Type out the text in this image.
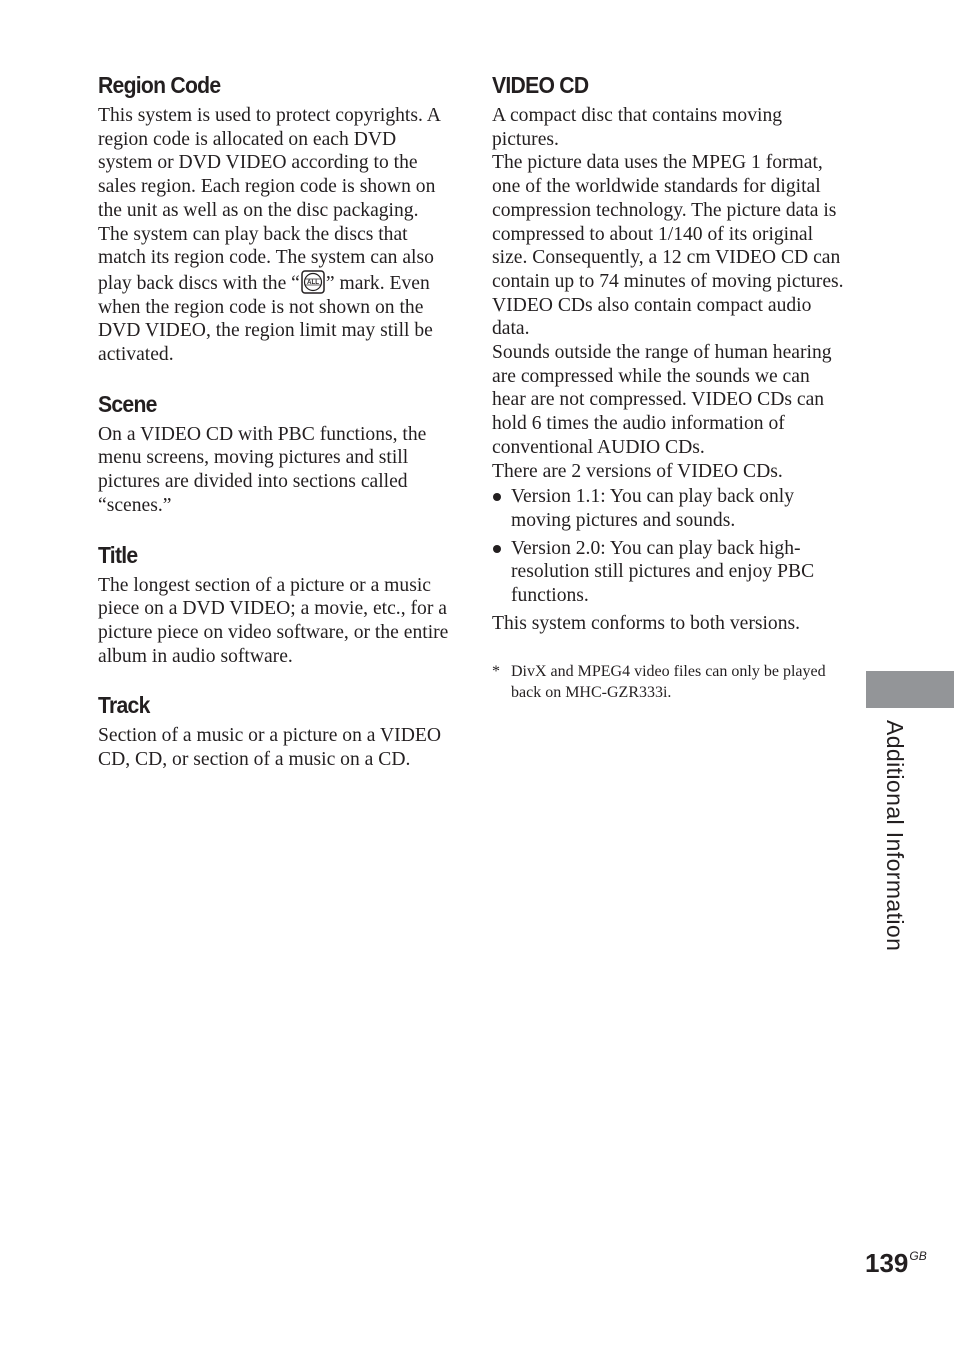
Region Code

This system is used to protect copyrights. A region code is allocated on each DVD system or DVD VIDEO according to the sales region. Each region code is shown on the unit as well as on the disc packaging. The system can play back the discs that match its region code. The system can also play back discs with the “ ALL ” mark. Even when the region code is not shown on the DVD VIDEO, the region limit may still be activated.

Scene

On a VIDEO CD with PBC functions, the menu screens, moving pictures and still pictures are divided into sections called “scenes.”

Title

The longest section of a picture or a music piece on a DVD VIDEO; a movie, etc., for a picture piece on video software, or the entire album in audio software.

Track

Section of a music or a picture on a VIDEO CD, CD, or section of a music on a CD.

VIDEO CD

A compact disc that contains moving pictures.

The picture data uses the MPEG 1 format, one of the worldwide standards for digital compression technology. The picture data is compressed to about 1/140 of its original size. Consequently, a 12 cm VIDEO CD can contain up to 74 minutes of moving pictures.

VIDEO CDs also contain compact audio data.

Sounds outside the range of human hearing are compressed while the sounds we can hear are not compressed. VIDEO CDs can hold 6 times the audio information of conventional AUDIO CDs.

There are 2 versions of VIDEO CDs.

Version 1.1: You can play back only moving pictures and sounds.
Version 2.0: You can play back high-resolution still pictures and enjoy PBC functions.

This system conforms to both versions.

* DivX and MPEG4 video files can only be played back on MHC-GZR333i.
Additional Information
$139^{GB}$
